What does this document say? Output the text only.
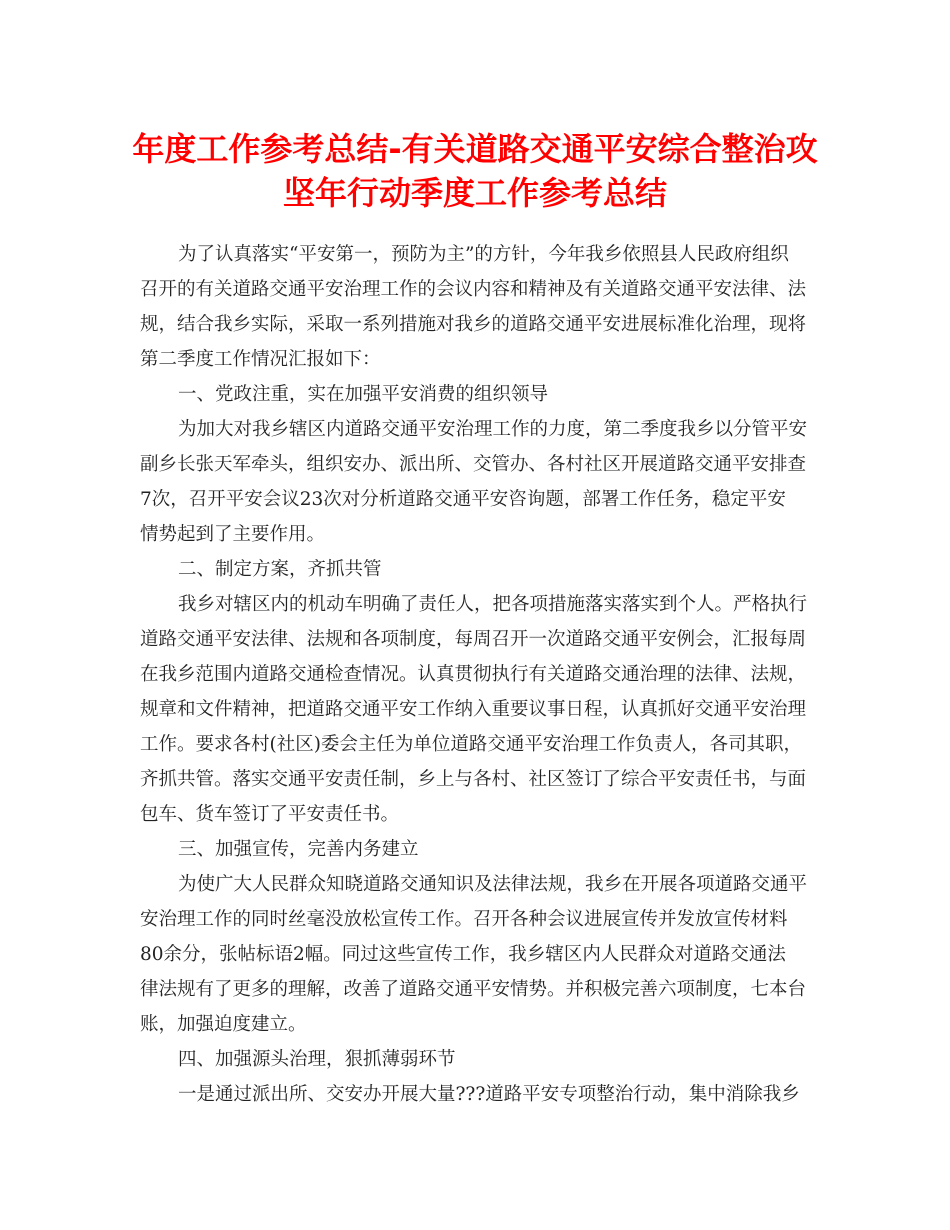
年度工作参考总结-有关道路交通平安综合整治攻
坚年行动季度工作参考总结
为了认真落实“平安第一，预防为主”的方针，今年我乡依照县人民政府组织
召开的有关道路交通平安治理工作的会议内容和精神及有关道路交通平安法律、法
规，结合我乡实际，采取一系列措施对我乡的道路交通平安进展标准化治理，现将
第二季度工作情况汇报如下：
一、党政注重，实在加强平安消费的组织领导
为加大对我乡辖区内道路交通平安治理工作的力度，第二季度我乡以分管平安
副乡长张天军牵头，组织安办、派出所、交管办、各村社区开展道路交通平安排查
7次，召开平安会议23次对分析道路交通平安咨询题，部署工作任务，稳定平安
情势起到了主要作用。
二、制定方案，齐抓共管
我乡对辖区内的机动车明确了责任人，把各项措施落实落实到个人。严格执行
道路交通平安法律、法规和各项制度，每周召开一次道路交通平安例会，汇报每周
在我乡范围内道路交通检查情况。认真贯彻执行有关道路交通治理的法律、法规，
规章和文件精神，把道路交通平安工作纳入重要议事日程，认真抓好交通平安治理
工作。要求各村(社区)委会主任为单位道路交通平安治理工作负责人，各司其职，
齐抓共管。落实交通平安责任制，乡上与各村、社区签订了综合平安责任书，与面
包车、货车签订了平安责任书。
三、加强宣传，完善内务建立
为使广大人民群众知晓道路交通知识及法律法规，我乡在开展各项道路交通平
安治理工作的同时丝毫没放松宣传工作。召开各种会议进展宣传并发放宣传材料
80余分，张帖标语2幅。同过这些宣传工作，我乡辖区内人民群众对道路交通法
律法规有了更多的理解，改善了道路交通平安情势。并积极完善六项制度，七本台
账，加强迫度建立。
四、加强源头治理，狠抓薄弱环节
一是通过派出所、交安办开展大量???道路平安专项整治行动，集中消除我乡
